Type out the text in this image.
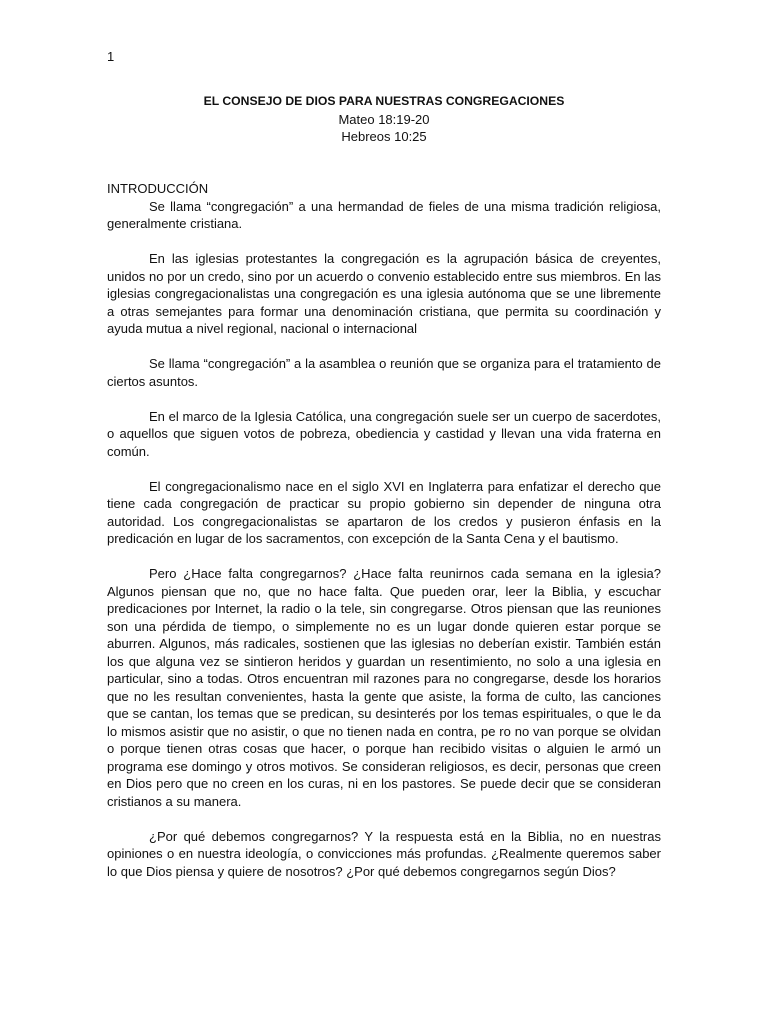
1
EL CONSEJO DE DIOS PARA NUESTRAS CONGREGACIONES
Mateo 18:19-20
Hebreos 10:25
INTRODUCCIÓN

Se llama “congregación” a una hermandad de fieles de una misma tradición religiosa, generalmente cristiana.

En las iglesias protestantes la congregación es la agrupación básica de creyentes, unidos no por un credo, sino por un acuerdo o convenio establecido entre sus miembros. En las iglesias congregacionalistas una congregación es una iglesia autónoma que se une libremente a otras semejantes para formar una denominación cristiana, que permita su coordinación y ayuda mutua a nivel regional, nacional o internacional

Se llama “congregación” a la asamblea o reunión que se organiza para el tratamiento de ciertos asuntos.

En el marco de la Iglesia Católica, una congregación suele ser un cuerpo de sacerdotes, o aquellos que siguen votos de pobreza, obediencia y castidad y llevan una vida fraterna en común.

El congregacionalismo nace en el siglo XVI en Inglaterra para enfatizar el derecho que tiene cada congregación de practicar su propio gobierno sin depender de ninguna otra autoridad. Los congregacionalistas se apartaron de los credos y pusieron énfasis en la predicación en lugar de los sacramentos, con excepción de la Santa Cena y el bautismo.

Pero ¿Hace falta congregarnos? ¿Hace falta reunirnos cada semana en la iglesia? Algunos piensan que no, que no hace falta. Que pueden orar, leer la Biblia, y escuchar predicaciones por Internet, la radio o la tele, sin congregarse. Otros piensan que las reuniones son una pérdida de tiempo, o simplemente no es un lugar donde quieren estar porque se aburren. Algunos, más radicales, sostienen que las iglesias no deberían existir. También están los que alguna vez se sintieron heridos y guardan un resentimiento, no solo a una iglesia en particular, sino a todas. Otros encuentran mil razones para no congregarse, desde los horarios que no les resultan convenientes, hasta la gente que asiste, la forma de culto, las canciones que se cantan, los temas que se predican, su desinterés por los temas espirituales, o que le da lo mismos asistir que no asistir, o que no tienen nada en contra, pe ro no van porque se olvidan o porque tienen otras cosas que hacer, o porque han recibido visitas o alguien le armó un programa ese domingo y otros motivos. Se consideran religiosos, es decir, personas que creen en Dios pero que no creen en los curas, ni en los pastores. Se puede decir que se consideran cristianos a su manera.

¿Por qué debemos congregarnos? Y la respuesta está en la Biblia, no en nuestras opiniones o en nuestra ideología, o convicciones más profundas. ¿Realmente queremos saber lo que Dios piensa y quiere de nosotros? ¿Por qué debemos congregarnos según Dios?
